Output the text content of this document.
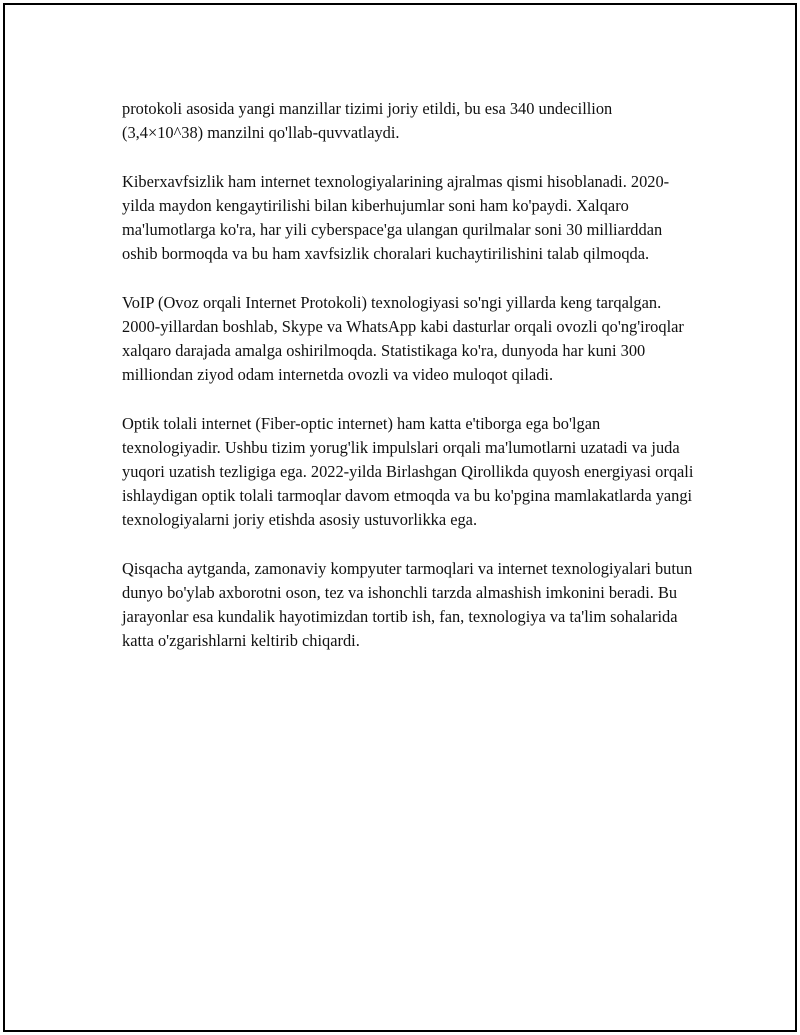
protokoli asosida yangi manzillar tizimi joriy etildi, bu esa 340 undecillion (3,4×10^38) manzilni qo'llab-quvvatlaydi.

Kiberxavfsizlik ham internet texnologiyalarining ajralmas qismi hisoblanadi. 2020-yilda maydon kengaytirilishi bilan kiberhujumlar soni ham ko'paydi. Xalqaro ma'lumotlarga ko'ra, har yili cyberspace'ga ulangan qurilmalar soni 30 milliarddan oshib bormoqda va bu ham xavfsizlik choralari kuchaytirilishini talab qilmoqda.

VoIP (Ovoz orqali Internet Protokoli) texnologiyasi so'ngi yillarda keng tarqalgan. 2000-yillardan boshlab, Skype va WhatsApp kabi dasturlar orqali ovozli qo'ng'iroqlar xalqaro darajada amalga oshirilmoqda. Statistikaga ko'ra, dunyoda har kuni 300 milliondan ziyod odam internetda ovozli va video muloqot qiladi.

Optik tolali internet (Fiber-optic internet) ham katta e'tiborga ega bo'lgan texnologiyadir. Ushbu tizim yorug'lik impulslari orqali ma'lumotlarni uzatadi va juda yuqori uzatish tezligiga ega. 2022-yilda Birlashgan Qirollikda quyosh energiyasi orqali ishlaydigan optik tolali tarmoqlar davom etmoqda va bu ko'pgina mamlakatlarda yangi texnologiyalarni joriy etishda asosiy ustuvorlikka ega.

Qisqacha aytganda, zamonaviy kompyuter tarmoqlari va internet texnologiyalari butun dunyo bo'ylab axborotni oson, tez va ishonchli tarzda almashish imkonini beradi. Bu jarayonlar esa kundalik hayotimizdan tortib ish, fan, texnologiya va ta'lim sohalarida katta o'zgarishlarni keltirib chiqardi.
